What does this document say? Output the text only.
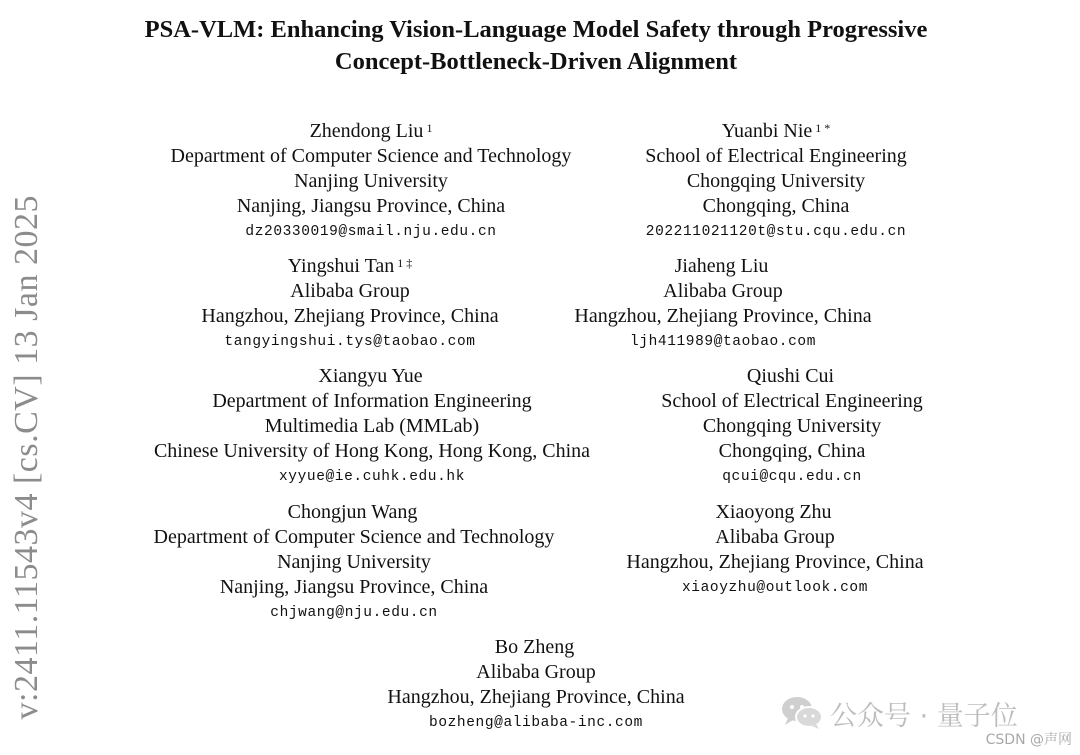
PSA-VLM: Enhancing Vision-Language Model Safety through Progressive
Concept-Bottleneck-Driven Alignment
Zhendong Liu $^1$
Department of Computer Science and Technology
Nanjing University
Nanjing, Jiangsu Province, China
dz20330019@smail.nju.edu.cn
Yuanbi Nie $^{1 *}$
School of Electrical Engineering
Chongqing University
Chongqing, China
202211021120t@stu.cqu.edu.cn
Yingshui Tan $^{1 \ddagger}$
Alibaba Group
Hangzhou, Zhejiang Province, China
tangyingshui.tys@taobao.com
Jiaheng Liu
Alibaba Group
Hangzhou, Zhejiang Province, China
ljh411989@taobao.com
Xiangyu Yue
Department of Information Engineering
Multimedia Lab (MMLab)
Chinese University of Hong Kong, Hong Kong, China
xyyue@ie.cuhk.edu.hk
Qiushi Cui
School of Electrical Engineering
Chongqing University
Chongqing, China
qcui@cqu.edu.cn
Chongjun Wang
Department of Computer Science and Technology
Nanjing University
Nanjing, Jiangsu Province, China
chjwang@nju.edu.cn
Xiaoyong Zhu
Alibaba Group
Hangzhou, Zhejiang Province, China
xiaoyzhu@outlook.com
Bo Zheng
Alibaba Group
Hangzhou, Zhejiang Province, China
bozheng@alibaba-inc.com
v:2411.11543v4 [cs.CV] 13 Jan 2025	公众号 · 量子位
CSDN @声网
